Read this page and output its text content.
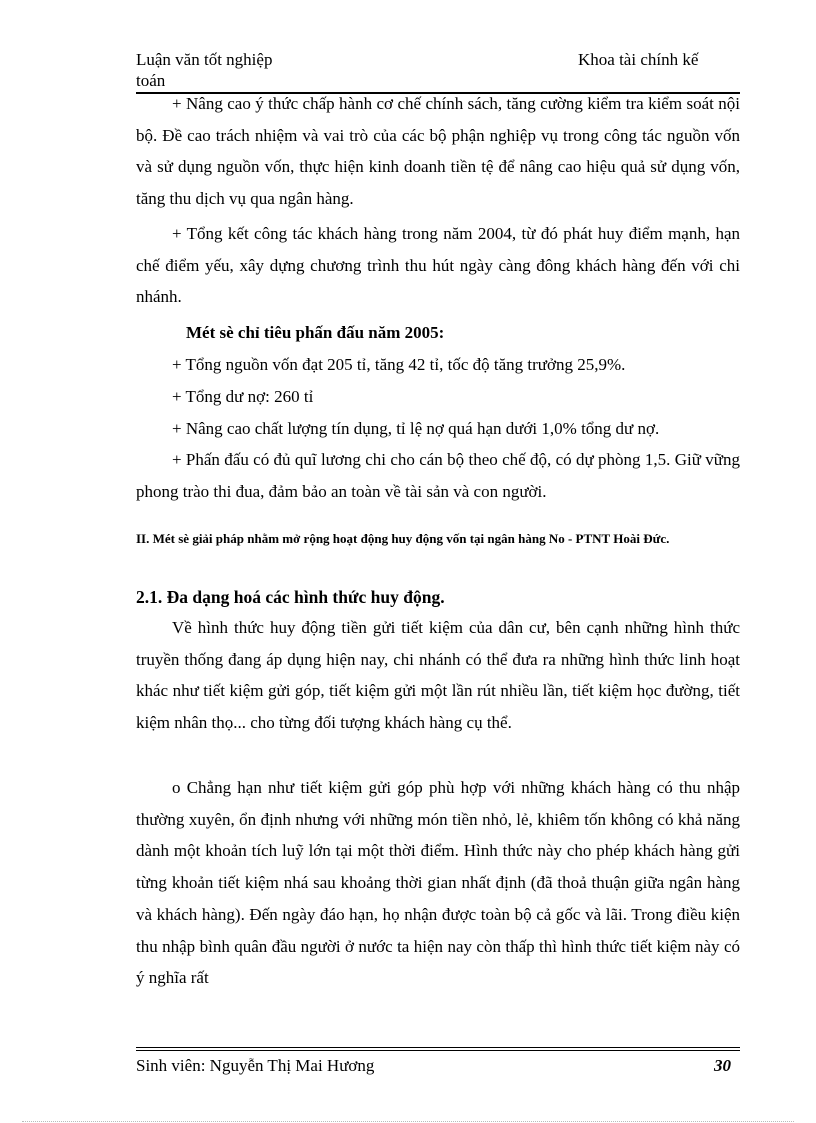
Luận văn tốt nghiệp
toán
Khoa tài chính kế

+ Nâng cao ý thức chấp hành cơ chế chính sách, tăng cường kiểm tra kiểm soát nội bộ. Đề cao trách nhiệm và vai trò của các bộ phận nghiệp vụ trong công tác nguồn vốn và sử dụng nguồn vốn, thực hiện kinh doanh tiền tệ để nâng cao hiệu quả sử dụng vốn, tăng thu dịch vụ qua ngân hàng.

+ Tổng kết công tác khách hàng trong năm 2004, từ đó phát huy điểm mạnh, hạn chế điểm yếu, xây dựng chương trình thu hút ngày càng đông khách hàng đến với chi nhánh.

Mét sè chỉ tiêu phấn đấu năm 2005:
+ Tổng nguồn vốn đạt 205 tỉ, tăng 42 tỉ, tốc độ tăng trưởng 25,9%.
+ Tổng dư nợ: 260 tỉ
+ Nâng cao chất lượng tín dụng, tỉ lệ nợ quá hạn dưới 1,0% tổng dư nợ.

+ Phấn đấu có đủ quĩ lương chi cho cán bộ theo chế độ, có dự phòng 1,5. Giữ vững phong trào thi đua, đảm bảo an toàn về tài sản và con người.

II. Mét sè giải pháp nhằm mở rộng hoạt động huy động vốn tại ngân hàng No - PTNT Hoài Đức.

2.1. Đa dạng hoá các hình thức huy động.

Về hình thức huy động tiền gửi tiết kiệm của dân cư, bên cạnh những hình thức truyền thống đang áp dụng hiện nay, chi nhánh có thể đưa ra những hình thức linh hoạt khác như tiết kiệm gửi góp, tiết kiệm gửi một lần rút nhiều lần, tiết kiệm học đường, tiết kiệm nhân thọ... cho từng đối tượng khách hàng cụ thể.

o Chẳng hạn như tiết kiệm gửi góp phù hợp với những khách hàng có thu nhập thường xuyên, ổn định nhưng với những món tiền nhỏ, lẻ, khiêm tốn không có khả năng dành một khoản tích luỹ lớn tại một thời điểm. Hình thức này cho phép khách hàng gửi từng khoản tiết kiệm nhá sau khoảng thời gian nhất định (đã thoả thuận giữa ngân hàng và khách hàng). Đến ngày đáo hạn, họ nhận được toàn bộ cả gốc và lãi. Trong điều kiện thu nhập bình quân đầu người ở nước ta hiện nay còn thấp thì hình thức tiết kiệm này có ý nghĩa rất

Sinh viên: Nguyễn Thị Mai Hương	30
